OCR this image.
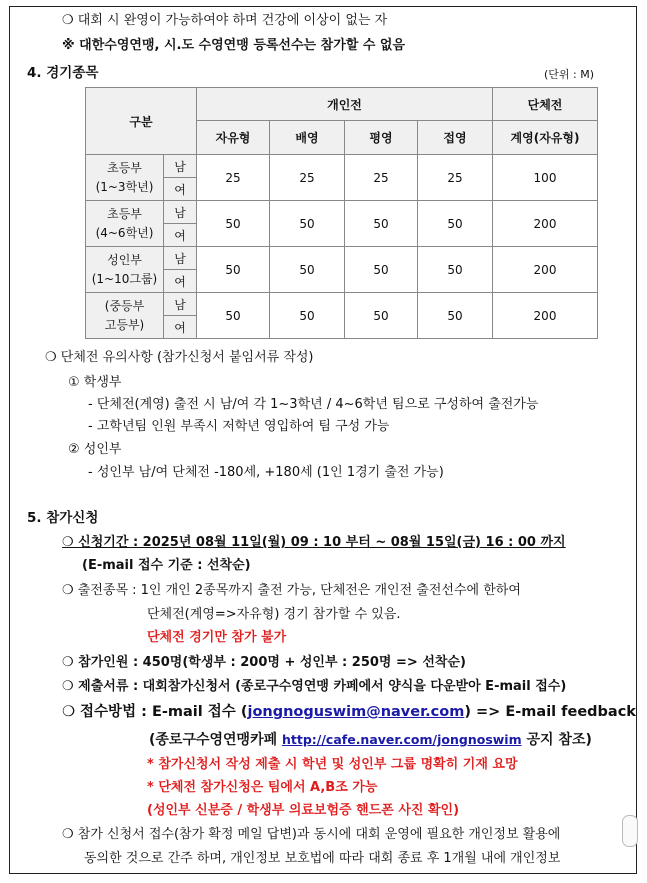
❍ 대회 시 완영이 가능하여야 하며 건강에 이상이 없는 자
※ 대한수영연맹, 시.도 수영연맹 등록선수는 참가할 수 없음
4. 경기종목	(단위 : M)
구분		개인전				단체전
		자유형	배영	평영	접영	계영(자유형)

초등부
(1~3학년)	남	25	25	25	25	100
	여					

초등부
(4~6학년)	남	50	50	50	50	200
	여					

성인부
(1~10그룹)	남	50	50	50	50	200
	여					

(중등부
고등부)	남	50	50	50	50	200
	여					
❍ 단체전 유의사항 (참가신청서 붙임서류 작성)
① 학생부
- 단체전(계영) 출전 시 남/여 각 1~3학년 / 4~6학년 팀으로 구성하여 출전가능
- 고학년팀 인원 부족시 저학년 영입하여 팀 구성 가능
② 성인부
- 성인부 남/여 단체전 -180세, +180세 (1인 1경기 출전 가능)
5. 참가신청
❍ 신청기간 : 2025년 08월 11일(월) 09 : 10 부터 ~ 08월 15일(금) 16 : 00 까지
(E-mail 접수 기준 : 선착순)
❍ 출전종목 : 1인 개인 2종목까지 출전 가능, 단체전은 개인전 출전선수에 한하여
단체전(계영=>자유형) 경기 참가할 수 있음.
단체전 경기만 참가 불가
❍ 참가인원 : 450명(학생부 : 200명 + 성인부 : 250명 => 선착순)
❍ 제출서류 : 대회참가신청서 (종로구수영연맹 카페에서 양식을 다운받아 E-mail 접수)
❍ 접수방법 : E-mail 접수 (jongnoguswim@naver.com) => E-mail feedback
(종로구수영연맹카페 http://cafe.naver.com/jongnoswim 공지 참조)
* 참가신청서 작성 제출 시 학년 및 성인부 그룹 명확히 기재 요망
* 단체전 참가신청은 팀에서 A,B조 가능
(성인부 신분증 / 학생부 의료보험증 핸드폰 사진 확인)
❍ 참가 신청서 접수(참가 확정 메일 답변)과 동시에 대회 운영에 필요한 개인정보 활용에
동의한 것으로 간주 하며, 개인정보 보호법에 따라 대회 종료 후 1개월 내에 개인정보
